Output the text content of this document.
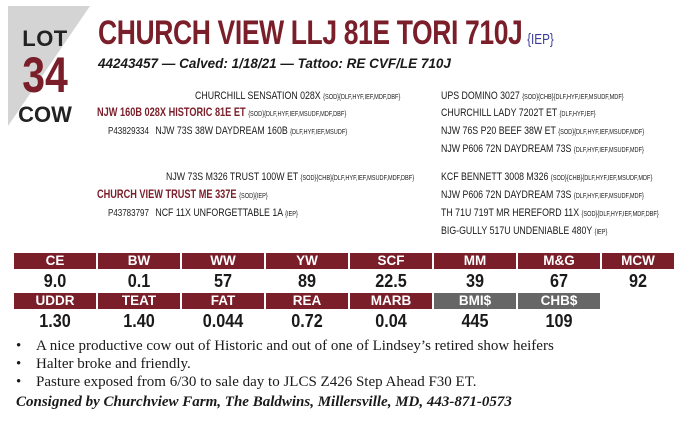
LOT
34
COW
CHURCH VIEW LLJ 81E TORI 710J {IEP}
44243457 — Calved: 1/18/21 — Tattoo: RE CVF/LE 710J
CHURCHILL SENSATION 028X {SOD}{DLF,HYF,IEF,MDF,DBF}
NJW 160B 028X HISTORIC 81E ET {SOD}{DLF,HYF,IEF,MSUDF,MDF,DBF}
P43829334 NJW 73S 38W DAYDREAM 160B {DLF,HYF,IEF,MSUDF}
UPS DOMINO 3027 {SOD}{CHB}{DLF,HYF,IEF,MSUDF,MDF}
CHURCHILL LADY 7202T ET {DLF,HYF,IEF}
NJW 76S P20 BEEF 38W ET {SOD}{DLF,HYF,IEF,MSUDF,MDF}
NJW P606 72N DAYDREAM 73S {DLF,HYF,IEF,MSUDF,MDF}
NJW 73S M326 TRUST 100W ET {SOD}{CHB}{DLF,HYF,IEF,MSUDF,MDF,DBF}
CHURCH VIEW TRUST ME 337E {SOD}{IEP}
P43783797 NCF 11X UNFORGETTABLE 1A {IEP}
KCF BENNETT 3008 M326 {SOD}{CHB}{DLF,HYF,IEF,MSUDF,MDF}
NJW P606 72N DAYDREAM 73S {DLF,HYF,IEF,MSUDF,MDF}
TH 71U 719T MR HEREFORD 11X {SOD}{DLF,HYF,IEF,MDF,DBF}
BIG-GULLY 517U UNDENIABLE 480Y {IEP}
CE	BW	WW	YW	SCF	MM	M&G	MCW
9.0	0.1	57	89	22.5	39	67	92
UDDR	TEAT	FAT	REA	MARB	BMI$	CHB$
1.30	1.40	0.044	0.72	0.04	445	109
• A nice productive cow out of Historic and out of one of Lindsey’s retired show heifers
• Halter broke and friendly.
• Pasture exposed from 6/30 to sale day to JLCS Z426 Step Ahead F30 ET.
Consigned by Churchview Farm, The Baldwins, Millersville, MD, 443-871-0573
